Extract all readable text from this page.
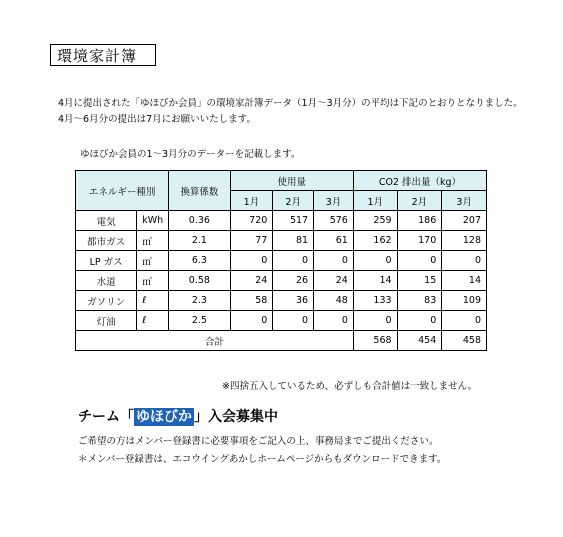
環境家計簿
4月に提出された「ゆほびか会員」の環境家計簿データ（1月～3月分）の平均は下記のとおりとなりました。
4月～6月分の提出は7月にお願いいたします。
ゆほびか会員の1～3月分のデーターを記載します。
エネルギー種別		換算係数	使用量			CO2 排出量（kg）		
			1月	2月	3月	1月	2月	3月
電気	kWh	0.36	720	517	576	259	186	207
都市ガス	㎥	2.1	77	81	61	162	170	128
LP ガス	㎥	6.3	0	0	0	0	0	0
水道	㎥	0.58	24	26	24	14	15	14
ガソリン	ℓ	2.3	58	36	48	133	83	109
灯油	ℓ	2.5	0	0	0	0	0	0
合計						568	454	458
※四捨五入しているため、必ずしも合計値は一致しません。
チーム「 ゆほびか 」入会募集中
ご希望の方はメンバー登録書に必要事項をご記入の上、事務局までご提出ください。
＊メンバー登録書は、エコウイングあかしホームページからもダウンロードできます。
